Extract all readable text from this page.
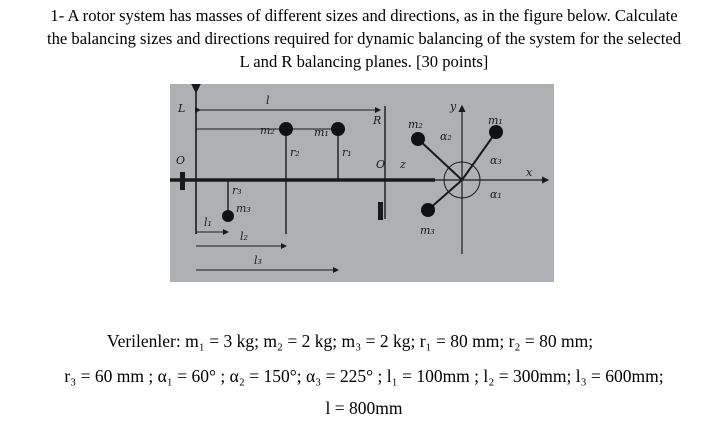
1- A rotor system has masses of different sizes and directions, as in the figure below. Calculate
the balancing sizes and directions required for dynamic balancing of the system for the selected
L and R balancing planes. [30 points]
L
O
l
m₂	m₁
r₂	r₁
R
O z
r₃
m₃
l₁
l₂
l₃
y
m₁
m₂
α₂
α₃
α₁
x
m₃
Verilenler: m₁ = 3 kg; m₂ = 2 kg; m₃ = 2 kg; r₁ = 80 mm; r₂ = 80 mm;
r₃ = 60 mm ; α₁ = 60° ; α₂ = 150°; α₃ = 225° ; l₁ = 100mm ; l₂ = 300mm; l₃ = 600mm;
l = 800mm
